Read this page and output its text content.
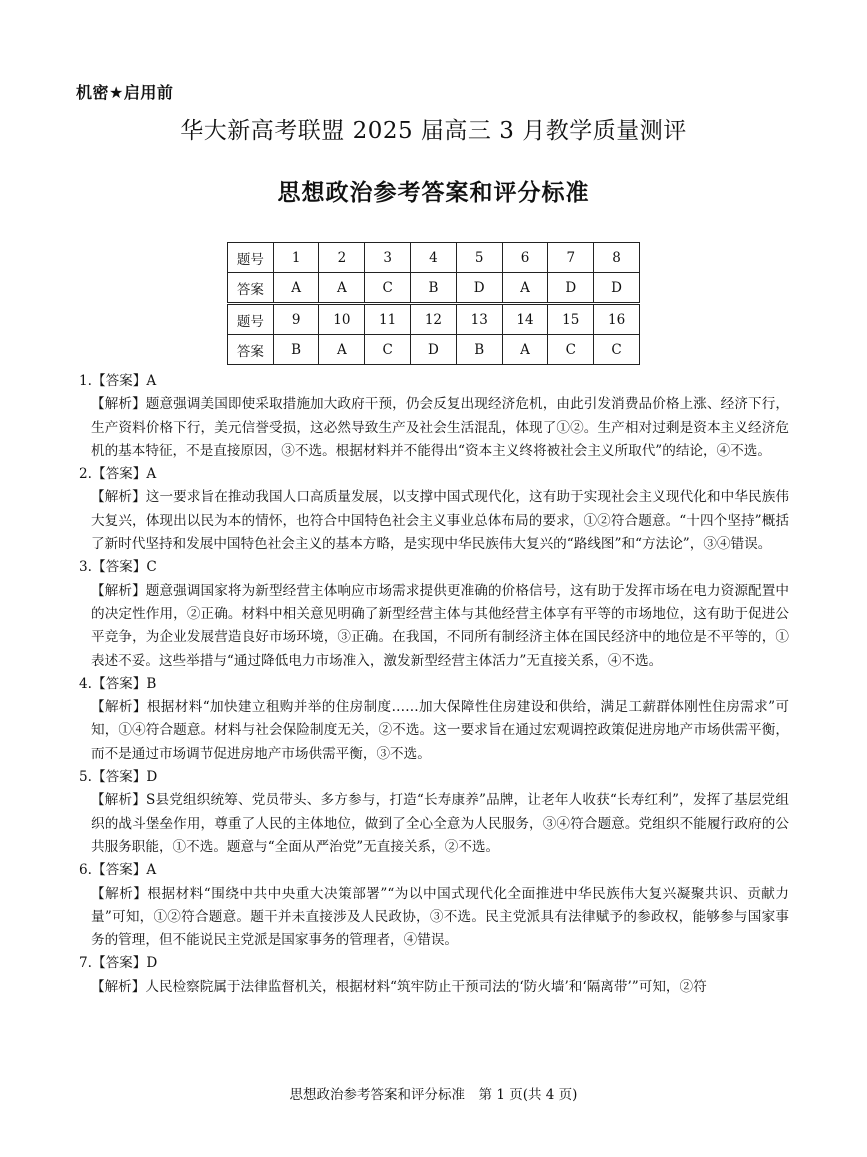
机密★启用前
华大新高考联盟 2025 届高三 3 月教学质量测评
思想政治参考答案和评分标准
题号	1	2	3	4	5	6	7	8
答案	A	A	C	B	D	A	D	D
题号	9	10	11	12	13	14	15	16
答案	B	A	C	D	B	A	C	C

1.【答案】A

【解析】题意强调美国即使采取措施加大政府干预，仍会反复出现经济危机，由此引发消费品价格上涨、经济下行，生产资料价格下行，美元信誉受损，这必然导致生产及社会生活混乱，体现了①②。生产相对过剩是资本主义经济危机的基本特征，不是直接原因，③不选。根据材料并不能得出“资本主义终将被社会主义所取代”的结论，④不选。

2.【答案】A

【解析】这一要求旨在推动我国人口高质量发展，以支撑中国式现代化，这有助于实现社会主义现代化和中华民族伟大复兴，体现出以民为本的情怀，也符合中国特色社会主义事业总体布局的要求，①②符合题意。“十四个坚持”概括了新时代坚持和发展中国特色社会主义的基本方略，是实现中华民族伟大复兴的“路线图”和“方法论”，③④错误。

3.【答案】C

【解析】题意强调国家将为新型经营主体响应市场需求提供更准确的价格信号，这有助于发挥市场在电力资源配置中的决定性作用，②正确。材料中相关意见明确了新型经营主体与其他经营主体享有平等的市场地位，这有助于促进公平竞争，为企业发展营造良好市场环境，③正确。在我国，不同所有制经济主体在国民经济中的地位是不平等的，①表述不妥。这些举措与“通过降低电力市场准入，激发新型经营主体活力”无直接关系，④不选。

4.【答案】B

【解析】根据材料“加快建立租购并举的住房制度……加大保障性住房建设和供给，满足工薪群体刚性住房需求”可知，①④符合题意。材料与社会保险制度无关，②不选。这一要求旨在通过宏观调控政策促进房地产市场供需平衡，而不是通过市场调节促进房地产市场供需平衡，③不选。

5.【答案】D

【解析】S县党组织统筹、党员带头、多方参与，打造“长寿康养”品牌，让老年人收获“长寿红利”，发挥了基层党组织的战斗堡垒作用，尊重了人民的主体地位，做到了全心全意为人民服务，③④符合题意。党组织不能履行政府的公共服务职能，①不选。题意与“全面从严治党”无直接关系，②不选。

6.【答案】A

【解析】根据材料“围绕中共中央重大决策部署”“为以中国式现代化全面推进中华民族伟大复兴凝聚共识、贡献力量”可知，①②符合题意。题干并未直接涉及人民政协，③不选。民主党派具有法律赋予的参政权，能够参与国家事务的管理，但不能说民主党派是国家事务的管理者，④错误。

7.【答案】D

【解析】人民检察院属于法律监督机关，根据材料“筑牢防止干预司法的‘防火墙’和‘隔离带’”可知，②符

思想政治参考答案和评分标准　第 1 页(共 4 页)
